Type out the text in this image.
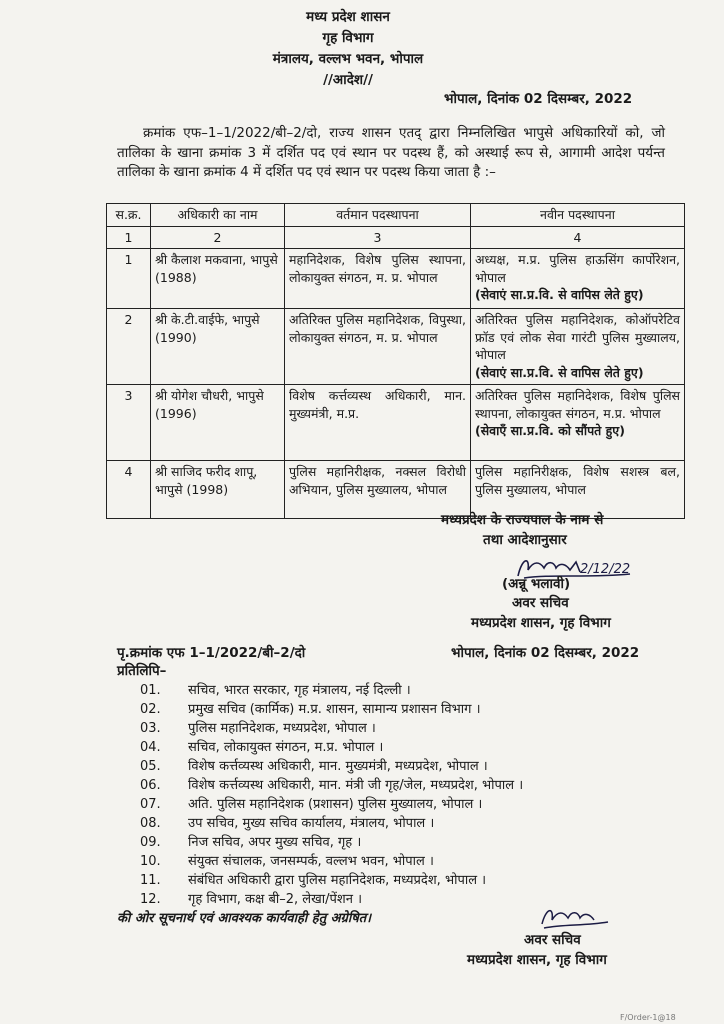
मध्य प्रदेश शासन
गृह विभाग
मंत्रालय, वल्लभ भवन, भोपाल
//आदेश//
भोपाल, दिनांक 02 दिसम्बर, 2022
क्रमांक एफ–1–1/2022/बी–2/दो, राज्य शासन एतद् द्वारा निम्नलिखित भापुसे अधिकारियों को, जो तालिका के खाना क्रमांक 3 में दर्शित पद एवं स्थान पर पदस्थ हैं, को अस्थाई रूप से, आगामी आदेश पर्यन्त तालिका के खाना क्रमांक 4 में दर्शित पद एवं स्थान पर पदस्थ किया जाता है :–
स.क्र.	अधिकारी का नाम	वर्तमान पदस्थापना	नवीन पदस्थापना
1	2	3	4
1	श्री कैलाश मकवाना, भापुसे (1988)	महानिदेशक, विशेष पुलिस स्थापना, लोकायुक्त संगठन, म. प्र. भोपाल	अध्यक्ष, म.प्र. पुलिस हाऊसिंग कार्पोरेशन, भोपाल
(सेवाएं सा.प्र.वि. से वापिस लेते हुए)

2	श्री के.टी.वाईफे, भापुसे (1990)	अतिरिक्त पुलिस महानिदेशक, विपुस्था, लोकायुक्त संगठन, म. प्र. भोपाल	अतिरिक्त पुलिस महानिदेशक, कोऑपरेटिव फ्रॉड एवं लोक सेवा गारंटी पुलिस मुख्यालय, भोपाल
(सेवाएं सा.प्र.वि. से वापिस लेते हुए)

3	श्री योगेश चौधरी, भापुसे (1996)	विशेष कर्त्तव्यस्थ अधिकारी, मान. मुख्यमंत्री, म.प्र.	अतिरिक्त पुलिस महानिदेशक, विशेष पुलिस स्थापना, लोकायुक्त संगठन, म.प्र. भोपाल
(सेवाएँ सा.प्र.वि. को सौंपते हुए)

4	श्री साजिद फरीद शापू, भापुसे (1998)	पुलिस महानिरीक्षक, नक्सल विरोधी अभियान, पुलिस मुख्यालय, भोपाल	पुलिस महानिरीक्षक, विशेष सशस्त्र बल, पुलिस मुख्यालय, भोपाल
मध्यप्रदेश के राज्यपाल के नाम से
तथा आदेशानुसार
2/12/22
(अन्नू भलावी)
अवर सचिव
मध्यप्रदेश शासन, गृह विभाग
पृ.क्रमांक एफ 1–1/2022/बी–2/दो	भोपाल, दिनांक 02 दिसम्बर, 2022
प्रतिलिपि–
01.	सचिव, भारत सरकार, गृह मंत्रालय, नई दिल्ली ।
02.	प्रमुख सचिव (कार्मिक) म.प्र. शासन, सामान्य प्रशासन विभाग ।
03.	पुलिस महानिदेशक, मध्यप्रदेश, भोपाल ।
04.	सचिव, लोकायुक्त संगठन, म.प्र. भोपाल ।
05.	विशेष कर्त्तव्यस्थ अधिकारी, मान. मुख्यमंत्री, मध्यप्रदेश, भोपाल ।
06.	विशेष कर्त्तव्यस्थ अधिकारी, मान. मंत्री जी गृह/जेल, मध्यप्रदेश, भोपाल ।
07.	अति. पुलिस महानिदेशक (प्रशासन) पुलिस मुख्यालय, भोपाल ।
08.	उप सचिव, मुख्य सचिव कार्यालय, मंत्रालय, भोपाल ।
09.	निज सचिव, अपर मुख्य सचिव, गृह ।
10.	संयुक्त संचालक, जनसम्पर्क, वल्लभ भवन, भोपाल ।
11.	संबंधित अधिकारी द्वारा पुलिस महानिदेशक, मध्यप्रदेश, भोपाल ।
12.	गृह विभाग, कक्ष बी–2, लेखा/पेंशन ।
की ओर सूचनार्थ एवं आवश्यक कार्यवाही हेतु अग्रेषित।
अवर सचिव
मध्यप्रदेश शासन, गृह विभाग
F/Order-1@18
